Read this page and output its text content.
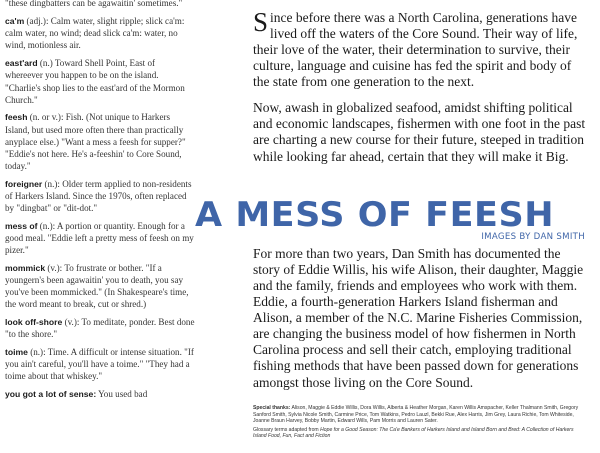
"these dingbatters can be agawaitin' sometimes."

ca'm (adj.): Calm water, slight ripple; slick ca'm: calm water, no wind; dead slick ca'm: water, no wind, motionless air.

east'ard (n.) Toward Shell Point, East of whereever you happen to be on the island. "Charlie's shop lies to the east'ard of the Mormon Church."

feesh (n. or v.): Fish. (Not unique to Harkers Island, but used more often there than practically anyplace else.) "Want a mess a feesh for supper?" "Eddie's not here. He's a-feeshin' to Core Sound, today."

foreigner (n.): Older term applied to non-residents of Harkers Island. Since the 1970s, often replaced by "dingbat" or "dit-dot."

mess of (n.): A portion or quantity. Enough for a good meal. "Eddie left a pretty mess of feesh on my pizer."

mommick (v.): To frustrate or bother. "If a youngern's been agawaitin' you to death, you say you've been mommicked." (In Shakespeare's time, the word meant to break, cut or shred.)

look off-shore (v.): To meditate, ponder. Best done "to the shore."

toime (n.): Time. A difficult or intense situation. "If you ain't careful, you'll have a toime." "They had a toime about that whiskey."

you got a lot of sense: You used bad

Since before there was a North Carolina, generations have lived off the waters of the Core Sound. Their way of life, their love of the water, their determination to survive, their culture, language and cuisine has fed the spirit and body of the state from one generation to the next.

Now, awash in globalized seafood, amidst shifting political and economic landscapes, fishermen with one foot in the past are charting a new course for their future, steeped in tradition while looking far ahead, certain that they will make it Big.

A MESS OF FEESH
IMAGES BY DAN SMITH

For more than two years, Dan Smith has documented the story of Eddie Willis, his wife Alison, their daughter, Maggie and the family, friends and employees who work with them. Eddie, a fourth-generation Harkers Island fisherman and Alison, a member of the N.C. Marine Fisheries Commission, are changing the business model of how fishermen in North Carolina process and sell their catch, employing traditional fishing methods that have been passed down for generations amongst those living on the Core Sound.

Special thanks: Alison, Maggie & Eddie Willis, Dora Willis, Alberta & Heather Morgan, Karen Willis Amspacher, Keller Thalmann Smith, Gregory Sanford Smith, Sylvia Nicole Smith, Carmine Price, Tom Watkins, Pedro Lauzl, Bekki Rue, Alex Harris, Jim Grey, Laura Richie, Tom Whiteside, Joanne Braun Harvey, Bobby Martin, Edward Wills, Pam Morris and Lauren Sater.

Glossary terms adapted from Hope for a Good Season: The Ca'e Bankers of Harkers Island and Island Born and Bred: A Collection of Harkers Island Food, Fun, Fact and Fiction
